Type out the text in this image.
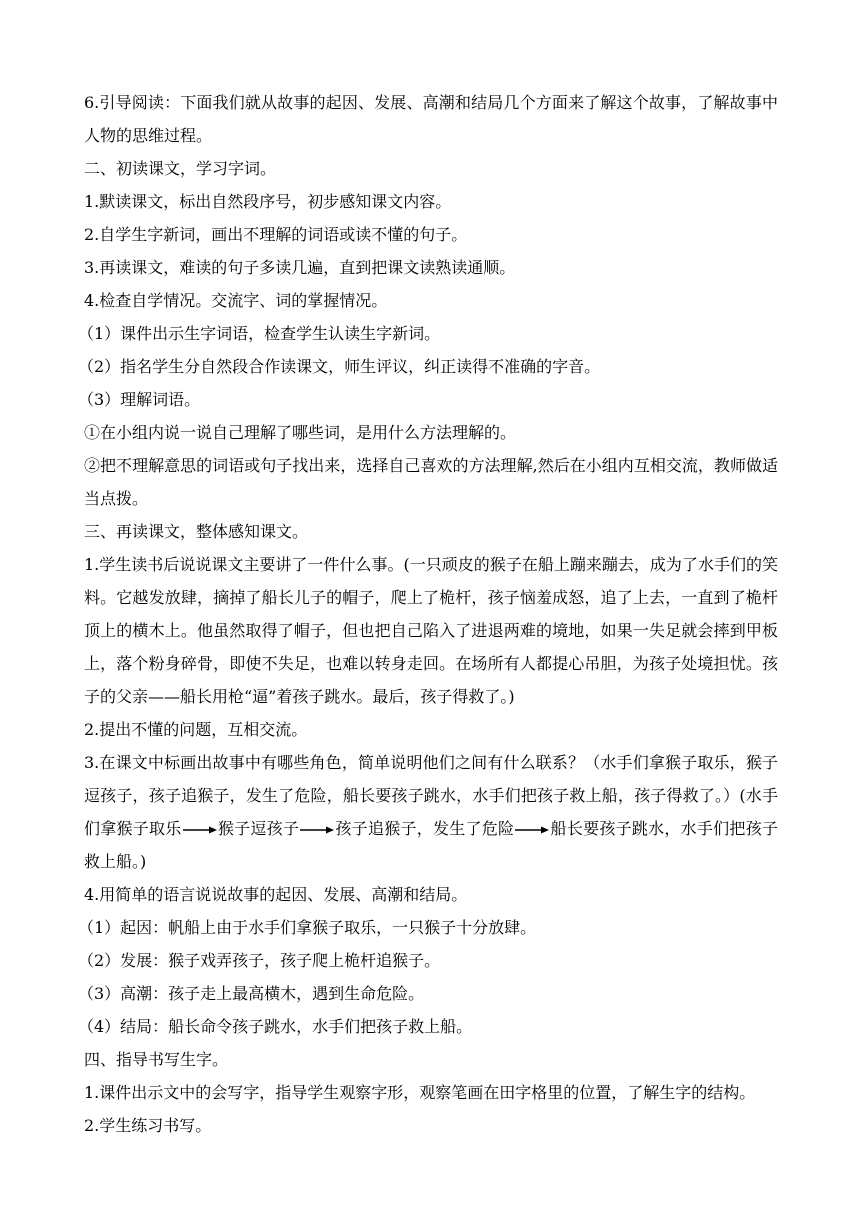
6.引导阅读：下面我们就从故事的起因、发展、高潮和结局几个方面来了解这个故事，了解故事中人物的思维过程。

二、初读课文，学习字词。

1.默读课文，标出自然段序号，初步感知课文内容。

2.自学生字新词，画出不理解的词语或读不懂的句子。

3.再读课文，难读的句子多读几遍，直到把课文读熟读通顺。

4.检查自学情况。交流字、词的掌握情况。

（1）课件出示生字词语，检查学生认读生字新词。

（2）指名学生分自然段合作读课文，师生评议，纠正读得不准确的字音。

（3）理解词语。

①在小组内说一说自己理解了哪些词，是用什么方法理解的。

②把不理解意思的词语或句子找出来，选择自己喜欢的方法理解,然后在小组内互相交流，教师做适当点拨。

三、再读课文，整体感知课文。

1.学生读书后说说课文主要讲了一件什么事。(一只顽皮的猴子在船上蹦来蹦去，成为了水手们的笑料。它越发放肆，摘掉了船长儿子的帽子，爬上了桅杆，孩子恼羞成怒，追了上去，一直到了桅杆顶上的横木上。他虽然取得了帽子，但也把自己陷入了进退两难的境地，如果一失足就会摔到甲板上，落个粉身碎骨，即使不失足，也难以转身走回。在场所有人都提心吊胆，为孩子处境担忧。孩子的父亲——船长用枪“逼”着孩子跳水。最后，孩子得救了。)

2.提出不懂的问题，互相交流。

3.在课文中标画出故事中有哪些角色，简单说明他们之间有什么联系？（水手们拿猴子取乐，猴子逗孩子，孩子追猴子，发生了危险，船长要孩子跳水，水手们把孩子救上船，孩子得救了。）(水手们拿猴子取乐 猴子逗孩子 孩子追猴子，发生了危险 船长要孩子跳水，水手们把孩子救上船。)

4.用简单的语言说说故事的起因、发展、高潮和结局。

（1）起因：帆船上由于水手们拿猴子取乐，一只猴子十分放肆。

（2）发展：猴子戏弄孩子，孩子爬上桅杆追猴子。

（3）高潮：孩子走上最高横木，遇到生命危险。

（4）结局：船长命令孩子跳水，水手们把孩子救上船。

四、指导书写生字。

1.课件出示文中的会写字，指导学生观察字形，观察笔画在田字格里的位置，了解生字的结构。

2.学生练习书写。
